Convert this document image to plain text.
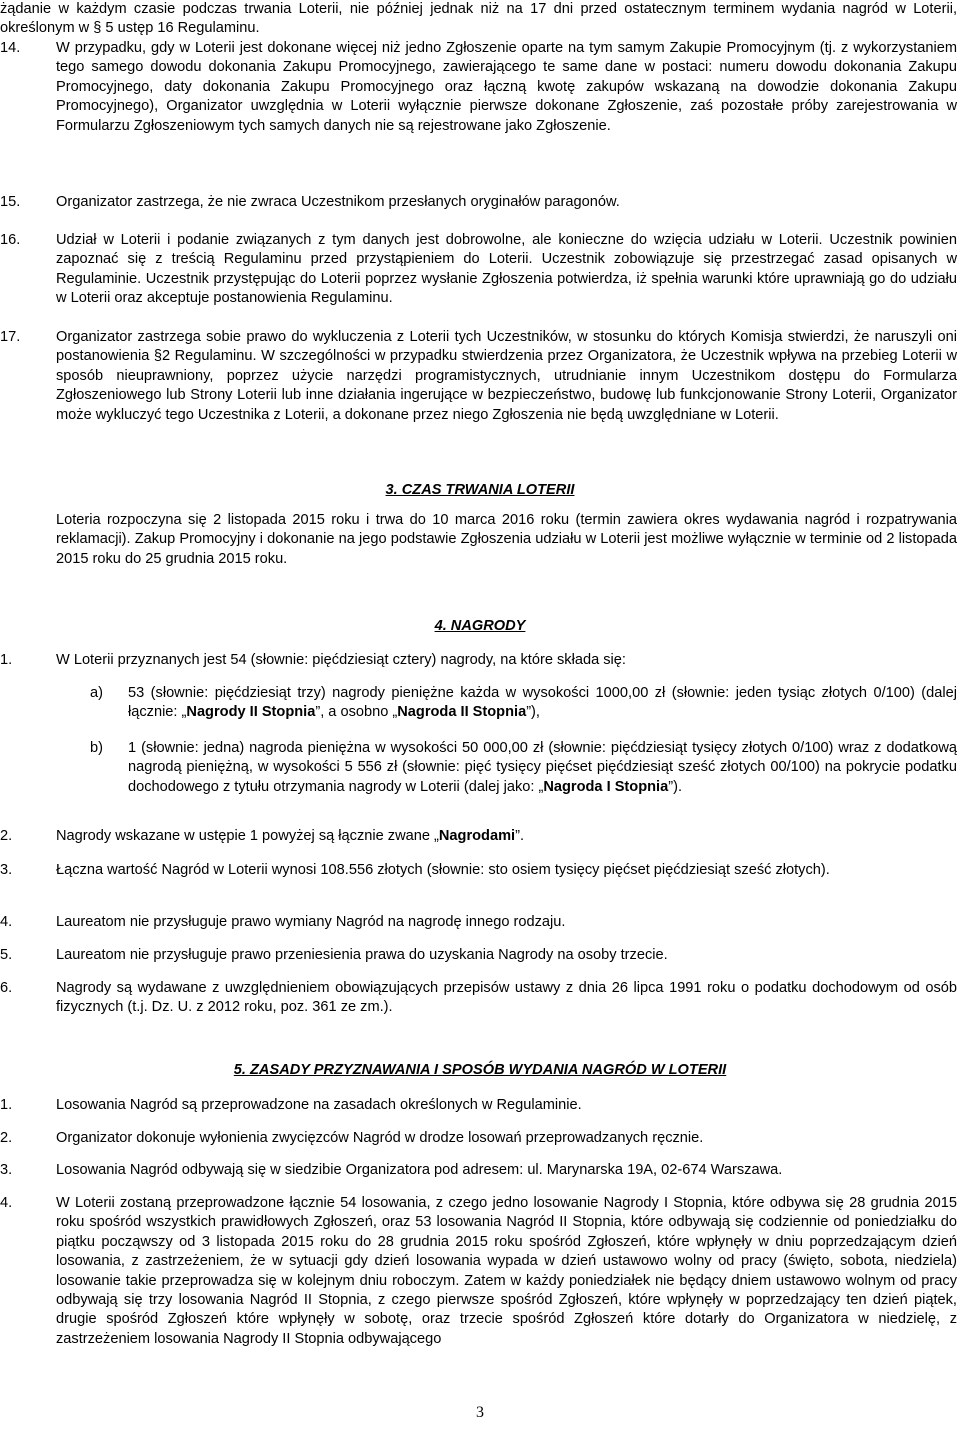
żądanie w każdym czasie podczas trwania Loterii, nie później jednak niż na 17 dni przed ostatecznym terminem wydania nagród w Loterii, określonym w § 5 ustęp 16 Regulaminu.
14. W przypadku, gdy w Loterii jest dokonane więcej niż jedno Zgłoszenie oparte na tym samym Zakupie Promocyjnym (tj. z wykorzystaniem tego samego dowodu dokonania Zakupu Promocyjnego, zawierającego te same dane w postaci: numeru dowodu dokonania Zakupu Promocyjnego, daty dokonania Zakupu Promocyjnego oraz łączną kwotę zakupów wskazaną na dowodzie dokonania Zakupu Promocyjnego), Organizator uwzględnia w Loterii wyłącznie pierwsze dokonane Zgłoszenie, zaś pozostałe próby zarejestrowania w Formularzu Zgłoszeniowym tych samych danych nie są rejestrowane jako Zgłoszenie.
15. Organizator zastrzega, że nie zwraca Uczestnikom przesłanych oryginałów paragonów.
16. Udział w Loterii i podanie związanych z tym danych jest dobrowolne, ale konieczne do wzięcia udziału w Loterii. Uczestnik powinien zapoznać się z treścią Regulaminu przed przystąpieniem do Loterii. Uczestnik zobowiązuje się przestrzegać zasad opisanych w Regulaminie. Uczestnik przystępując do Loterii poprzez wysłanie Zgłoszenia potwierdza, iż spełnia warunki które uprawniają go do udziału w Loterii oraz akceptuje postanowienia Regulaminu.
17. Organizator zastrzega sobie prawo do wykluczenia z Loterii tych Uczestników, w stosunku do których Komisja stwierdzi, że naruszyli oni postanowienia §2 Regulaminu. W szczególności w przypadku stwierdzenia przez Organizatora, że Uczestnik wpływa na przebieg Loterii w sposób nieuprawniony, poprzez użycie narzędzi programistycznych, utrudnianie innym Uczestnikom dostępu do Formularza Zgłoszeniowego lub Strony Loterii lub inne działania ingerujące w bezpieczeństwo, budowę lub funkcjonowanie Strony Loterii, Organizator może wykluczyć tego Uczestnika z Loterii, a dokonane przez niego Zgłoszenia nie będą uwzględniane w Loterii.
3. CZAS TRWANIA LOTERII
Loteria rozpoczyna się 2 listopada 2015 roku i trwa do 10 marca 2016 roku (termin zawiera okres wydawania nagród i rozpatrywania reklamacji). Zakup Promocyjny i dokonanie na jego podstawie Zgłoszenia udziału w Loterii jest możliwe wyłącznie w terminie od 2 listopada 2015 roku do 25 grudnia 2015 roku.
4. NAGRODY
1.	W Loterii przyznanych jest 54 (słownie: pięćdziesiąt cztery) nagrody, na które składa się:
a) 53 (słownie: pięćdziesiąt trzy) nagrody pieniężne każda w wysokości 1000,00 zł (słownie: jeden tysiąc złotych 0/100) (dalej łącznie: „Nagrody II Stopnia”, a osobno „Nagroda II Stopnia”),
b) 1 (słownie: jedna) nagroda pieniężna w wysokości 50 000,00 zł (słownie: pięćdziesiąt tysięcy złotych 0/100) wraz z dodatkową nagrodą pieniężną, w wysokości 5 556 zł (słownie: pięć tysięcy pięćset pięćdziesiąt sześć złotych 00/100) na pokrycie podatku dochodowego z tytułu otrzymania nagrody w Loterii (dalej jako: „Nagroda I Stopnia”).
2.	Nagrody wskazane w ustępie 1 powyżej są łącznie zwane „Nagrodami”.
3.	Łączna wartość Nagród w Loterii wynosi 108.556 złotych (słownie: sto osiem tysięcy pięćset pięćdziesiąt sześć złotych).
4.	Laureatom nie przysługuje prawo wymiany Nagród na nagrodę innego rodzaju.
5.	Laureatom nie przysługuje prawo przeniesienia prawa do uzyskania Nagrody na osoby trzecie.
6.	Nagrody są wydawane z uwzględnieniem obowiązujących przepisów ustawy z dnia 26 lipca 1991 roku o podatku dochodowym od osób fizycznych (t.j. Dz. U. z 2012 roku, poz. 361 ze zm.).
5. ZASADY PRZYZNAWANIA I SPOSÓB WYDANIA NAGRÓD W LOTERII
1.	Losowania Nagród są przeprowadzone na zasadach określonych w Regulaminie.
2.	Organizator dokonuje wyłonienia zwycięzców Nagród w drodze losowań przeprowadzanych ręcznie.
3.	Losowania Nagród odbywają się w siedzibie Organizatora pod adresem: ul. Marynarska 19A, 02-674 Warszawa.
4.	W Loterii zostaną przeprowadzone łącznie 54 losowania, z czego jedno losowanie Nagrody I Stopnia, które odbywa się 28 grudnia 2015 roku spośród wszystkich prawidłowych Zgłoszeń, oraz 53 losowania Nagród II Stopnia, które odbywają się codziennie od poniedziałku do piątku począwszy od 3 listopada 2015 roku do 28 grudnia 2015 roku spośród Zgłoszeń, które wpłynęły w dniu poprzedzającym dzień losowania, z zastrzeżeniem, że w sytuacji gdy dzień losowania wypada w dzień ustawowo wolny od pracy (święto, sobota, niedziela) losowanie takie przeprowadza się w kolejnym dniu roboczym. Zatem w każdy poniedziałek nie będący dniem ustawowo wolnym od pracy odbywają się trzy losowania Nagród II Stopnia, z czego pierwsze spośród Zgłoszeń, które wpłynęły w poprzedzający ten dzień piątek, drugie spośród Zgłoszeń które wpłynęły w sobotę, oraz trzecie spośród Zgłoszeń które dotarły do Organizatora w niedzielę, z zastrzeżeniem losowania Nagrody II Stopnia odbywającego
3
